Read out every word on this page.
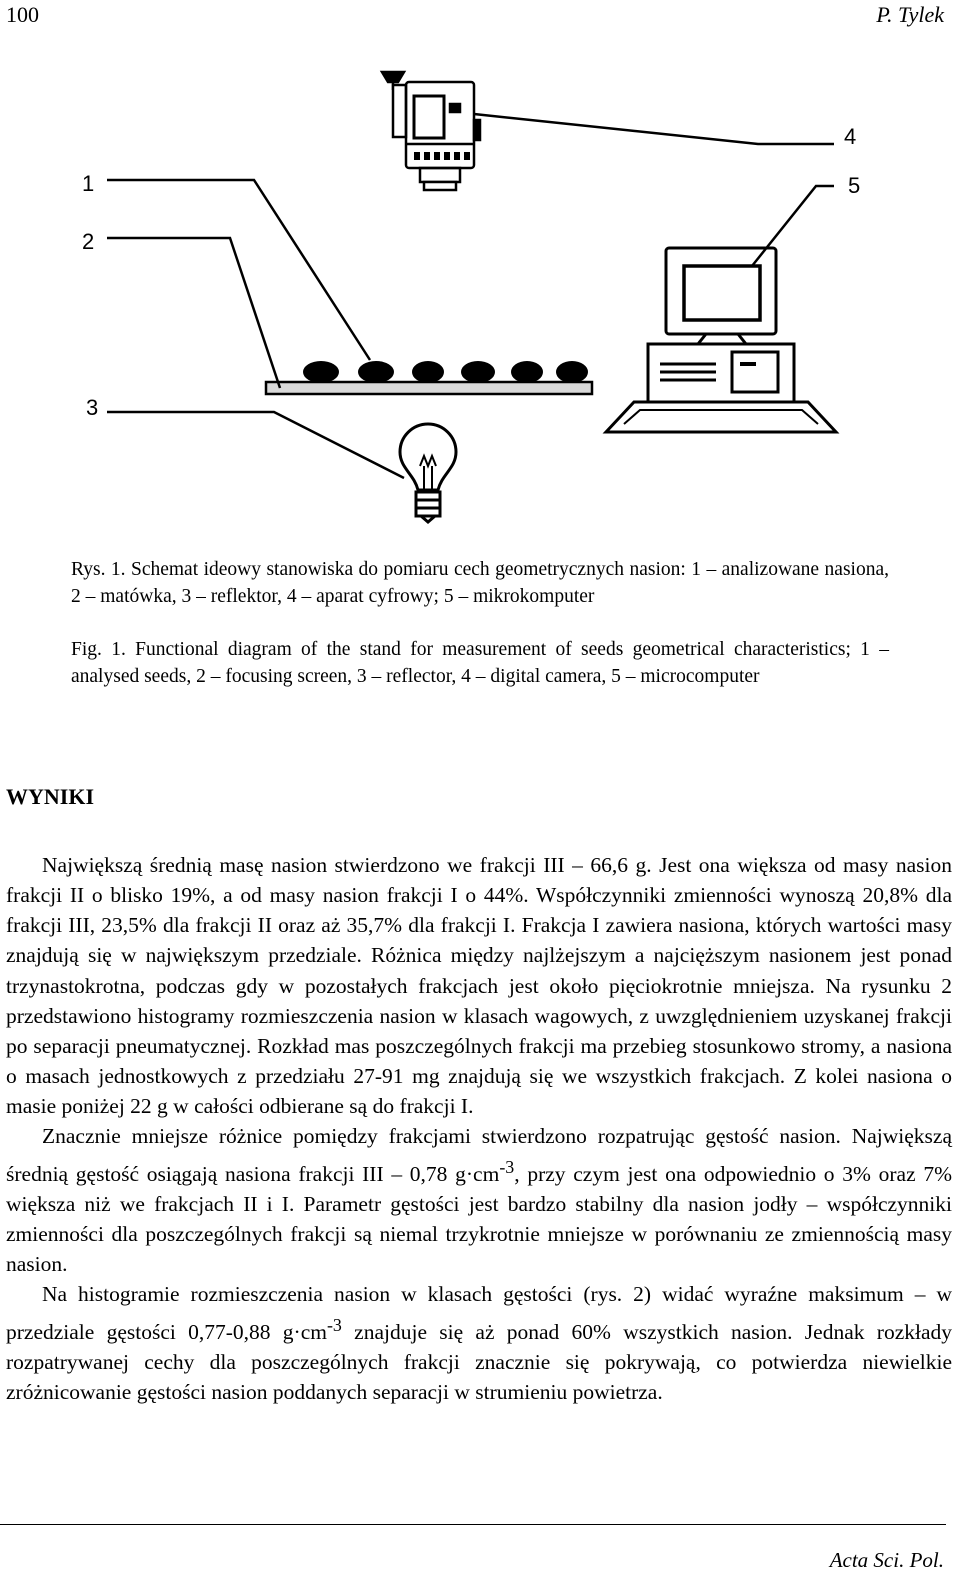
100	P. Tylek
1
2
3
4
5
Rys. 1. Schemat ideowy stanowiska do pomiaru cech geometrycznych nasion: 1 – analizowane nasiona, 2 – matówka, 3 – reflektor, 4 – aparat cyfrowy; 5 – mikrokomputer
Fig. 1. Functional diagram of the stand for measurement of seeds geometrical characteristics; 1 – analysed seeds, 2 – focusing screen, 3 – reflector, 4 – digital camera, 5 – microcomputer
WYNIKI

Największą średnią masę nasion stwierdzono we frakcji III – 66,6 g. Jest ona większa od masy nasion frakcji II o blisko 19%, a od masy nasion frakcji I o 44%. Współczynniki zmienności wynoszą 20,8% dla frakcji III, 23,5% dla frakcji II oraz aż 35,7% dla frakcji I. Frakcja I zawiera nasiona, których wartości masy znajdują się w największym przedziale. Różnica między najlżejszym a najcięższym nasionem jest ponad trzynastokrotna, podczas gdy w pozostałych frakcjach jest około pięciokrotnie mniejsza. Na rysunku 2 przedstawiono histogramy rozmieszczenia nasion w klasach wagowych, z uwzględnieniem uzyskanej frakcji po separacji pneumatycznej. Rozkład mas poszczególnych frakcji ma przebieg stosunkowo stromy, a nasiona o masach jednostkowych z przedziału 27-91 mg znajdują się we wszystkich frakcjach. Z kolei nasiona o masie poniżej 22 g w całości odbierane są do frakcji I.

Znacznie mniejsze różnice pomiędzy frakcjami stwierdzono rozpatrując gęstość nasion. Największą średnią gęstość osiągają nasiona frakcji III – 0,78 $g\cdot cm^{-3}$, przy czym jest ona odpowiednio o 3% oraz 7% większa niż we frakcjach II i I. Parametr gęstości jest bardzo stabilny dla nasion jodły – współczynniki zmienności dla poszczególnych frakcji są niemal trzykrotnie mniejsze w porównaniu ze zmiennością masy nasion.

Na histogramie rozmieszczenia nasion w klasach gęstości (rys. 2) widać wyraźne maksimum – w przedziale gęstości 0,77-0,88 $g\cdot cm^{-3}$ znajduje się aż ponad 60% wszystkich nasion. Jednak rozkłady rozpatrywanej cechy dla poszczególnych frakcji znacznie się pokrywają, co potwierdza niewielkie zróżnicowanie gęstości nasion poddanych separacji w strumieniu powietrza.

Acta Sci. Pol.
